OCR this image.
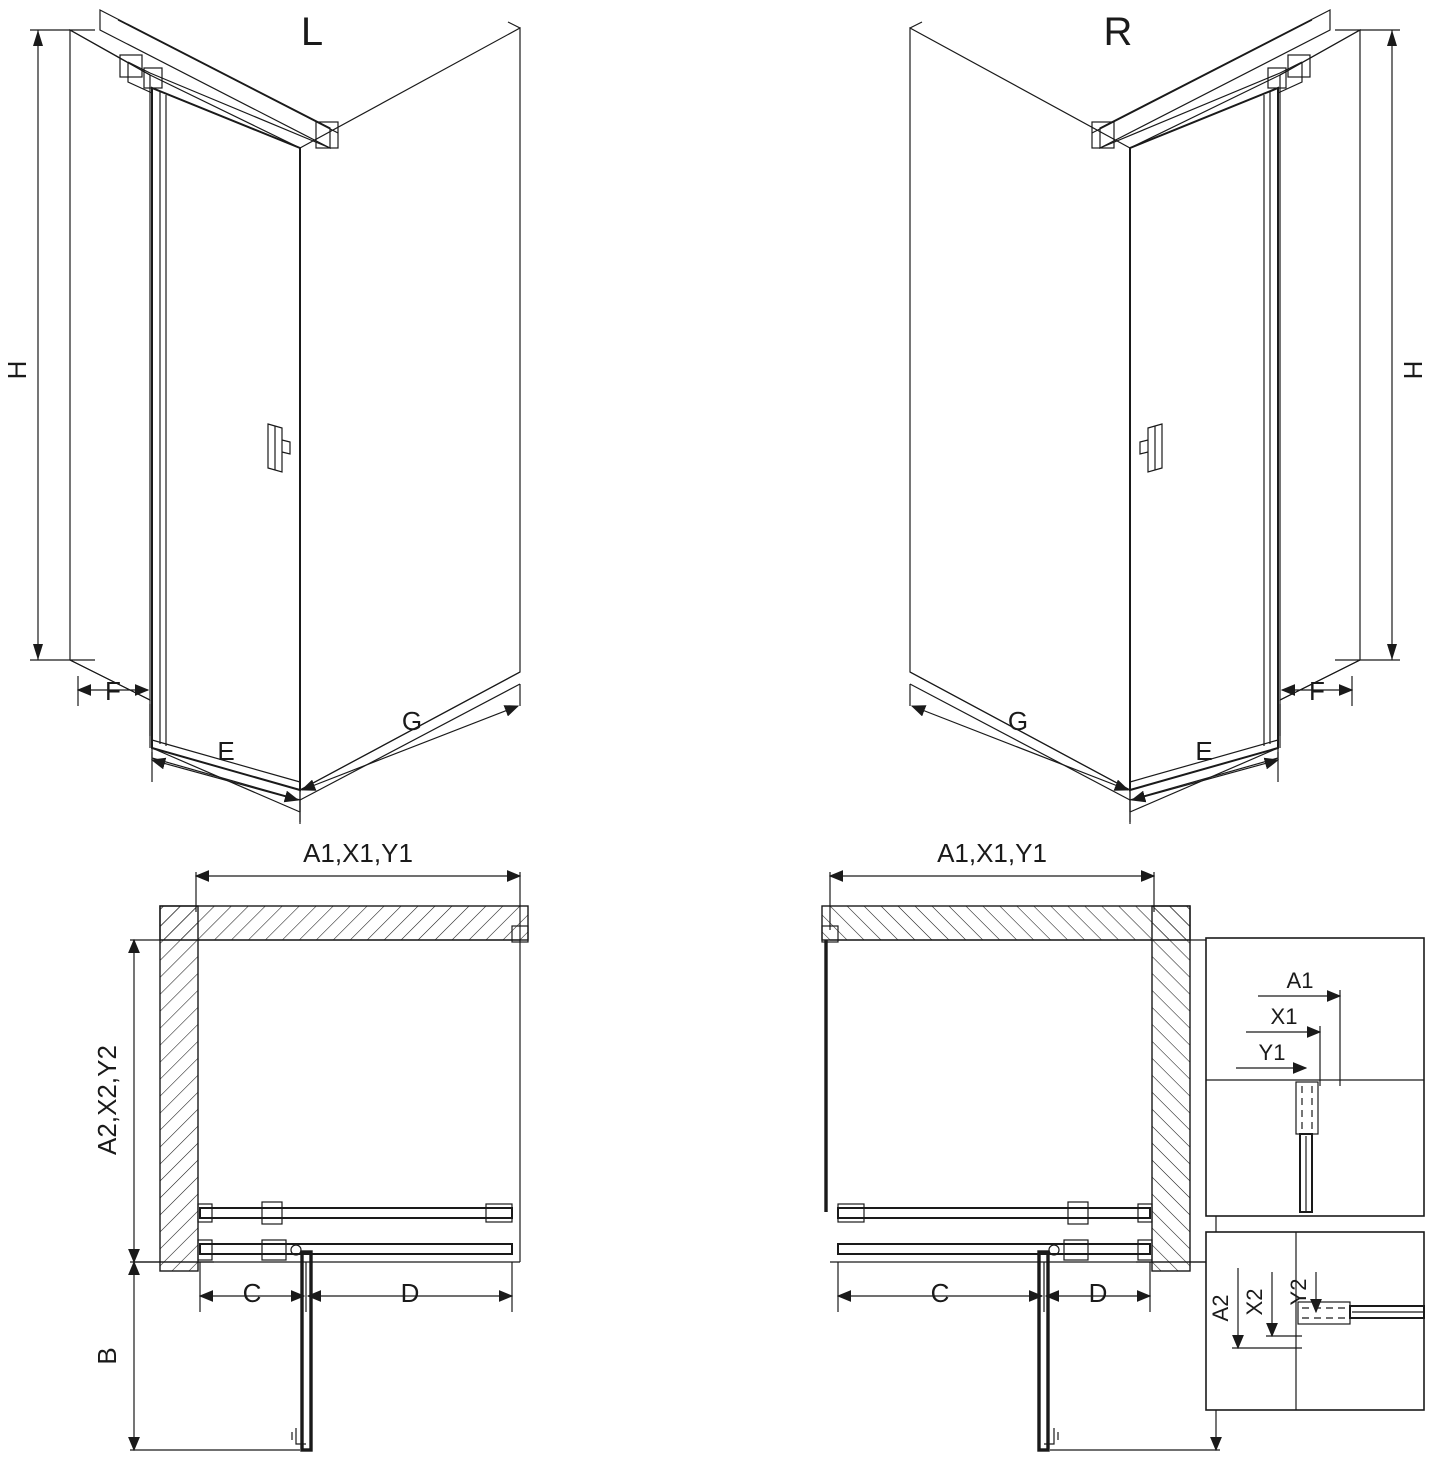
H
F
E
G
L
H
F
E
G
R
A1,X1,Y1
A2,X2,Y2
C	D
B
A1,X1,Y1
D
C
A1
X1
Y1
A2 X2 Y2
